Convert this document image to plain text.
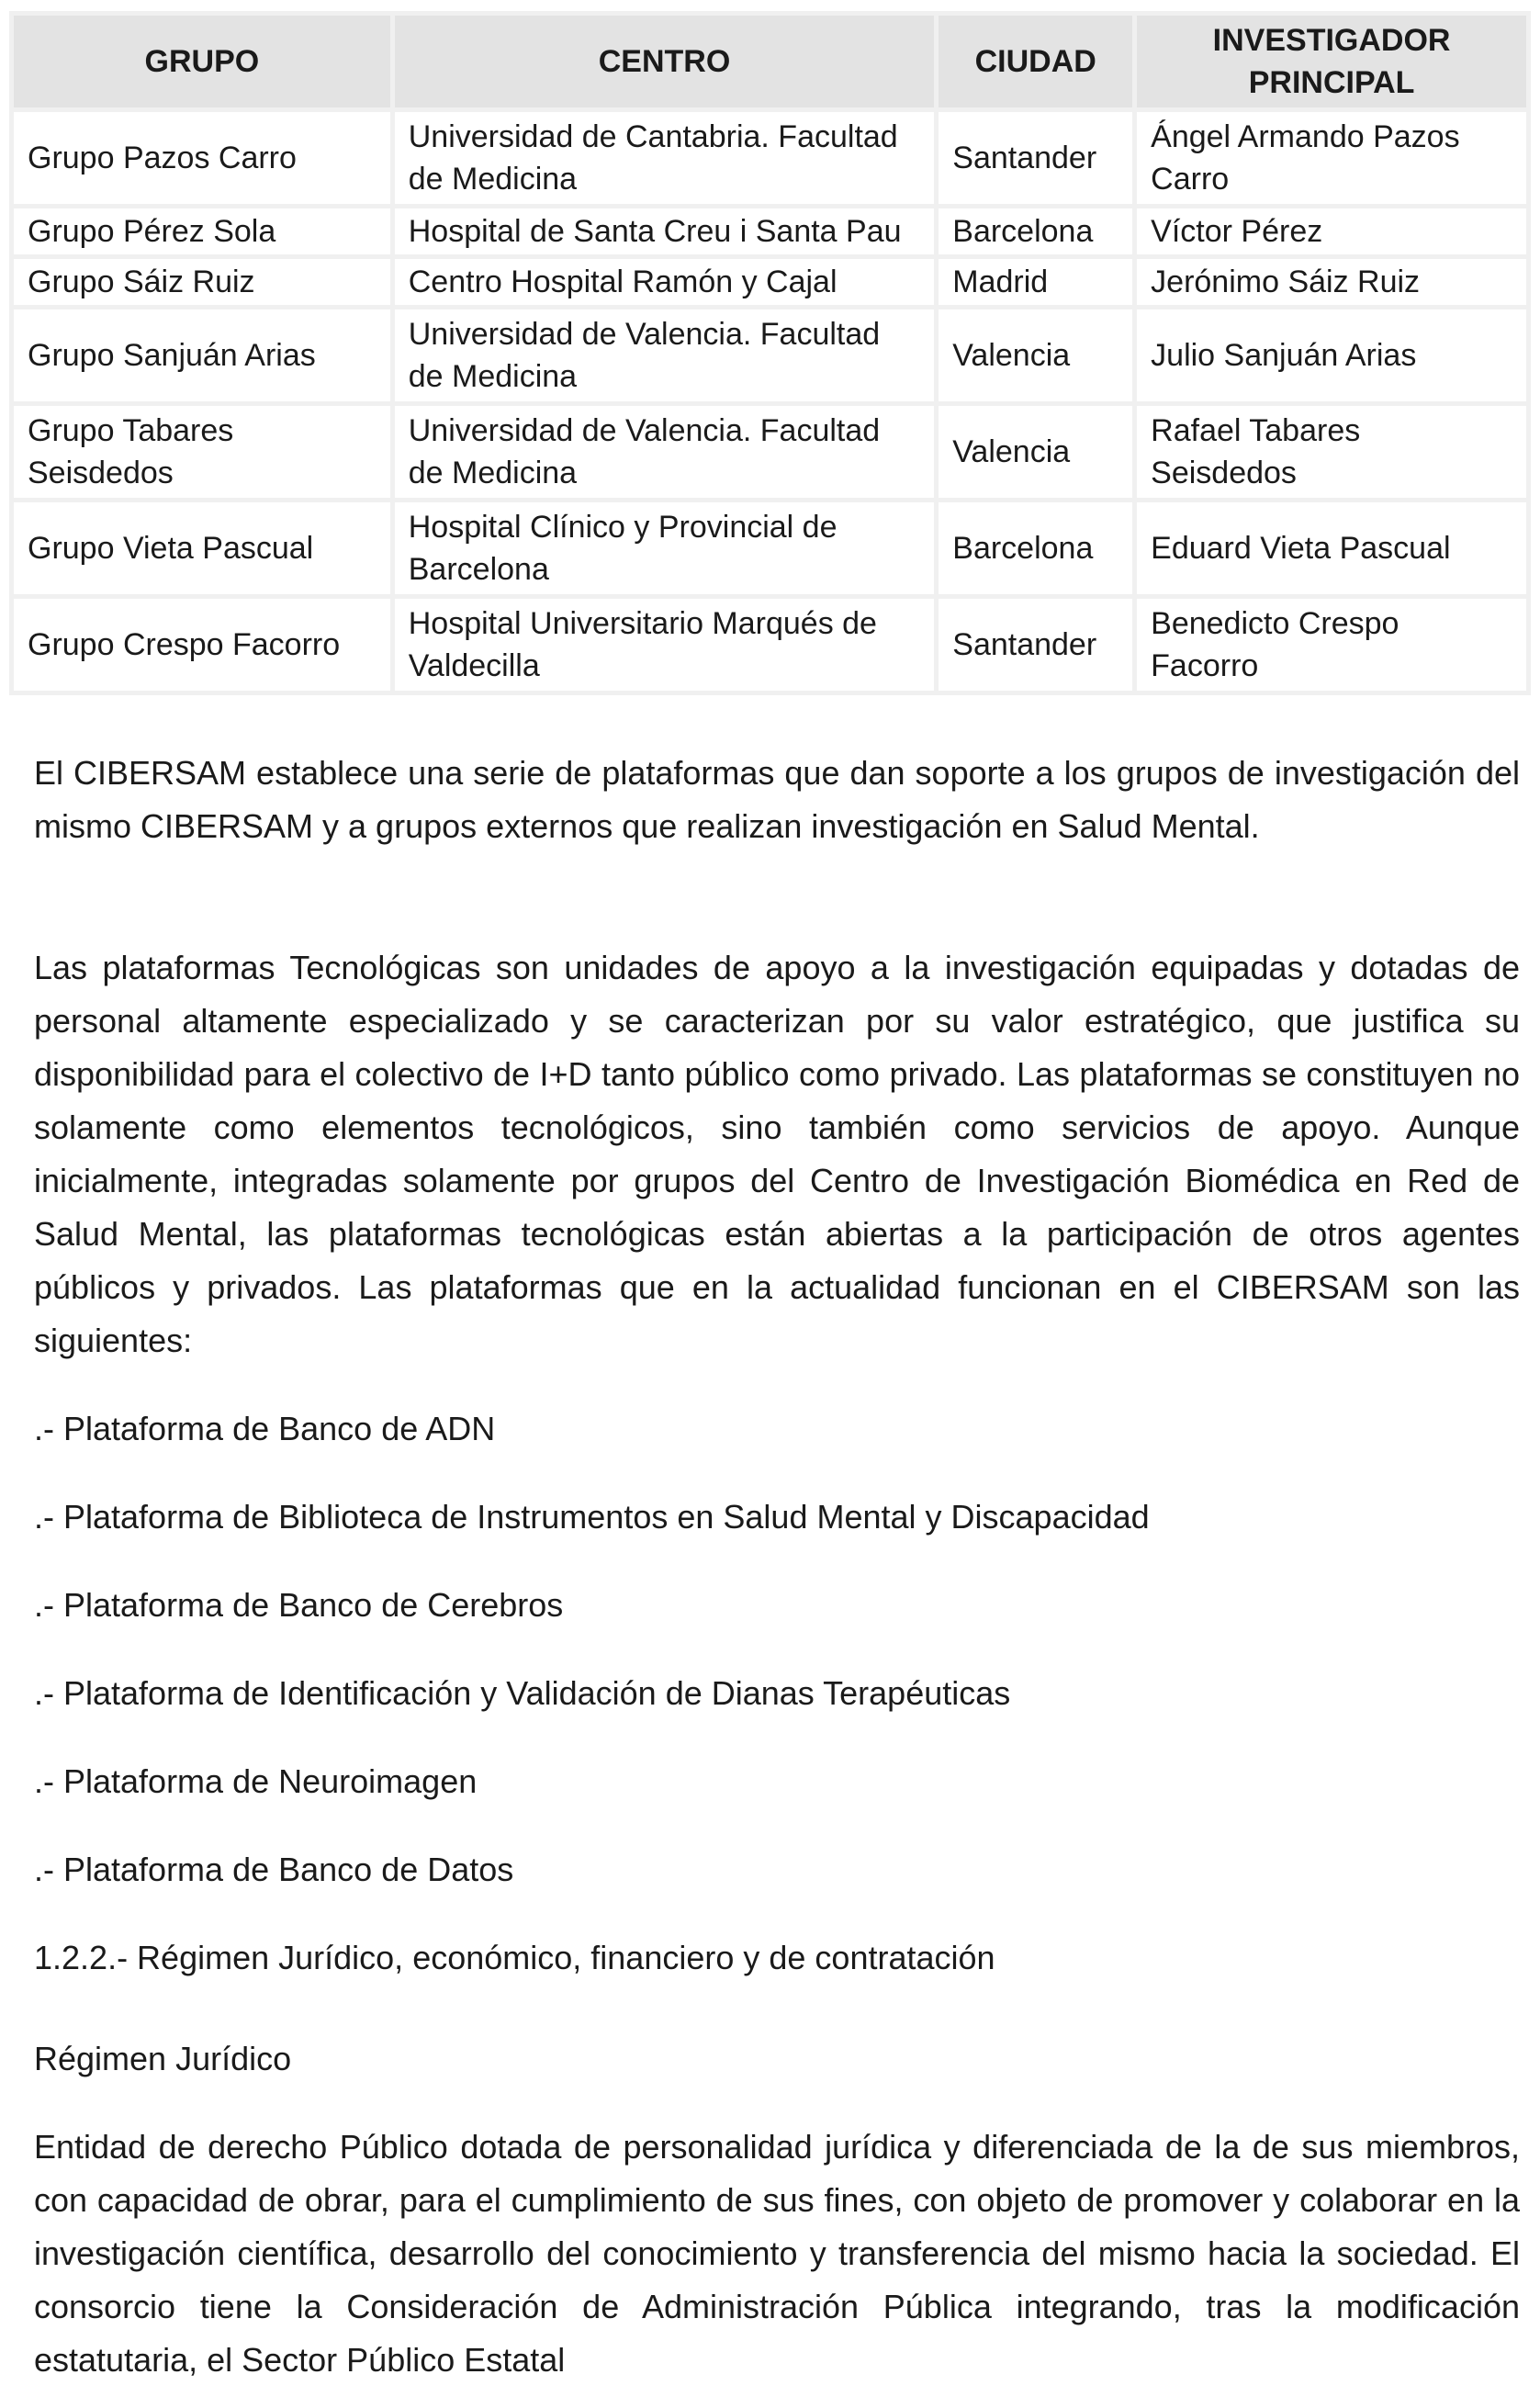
GRUPO	CENTRO	CIUDAD	INVESTIGADOR PRINCIPAL
Grupo Pazos Carro	Universidad de Cantabria. Facultad de Medicina	Santander	Ángel Armando Pazos Carro
Grupo Pérez Sola	Hospital de Santa Creu i Santa Pau	Barcelona	Víctor Pérez
Grupo Sáiz Ruiz	Centro Hospital Ramón y Cajal	Madrid	Jerónimo Sáiz Ruiz
Grupo Sanjuán Arias	Universidad de Valencia. Facultad de Medicina	Valencia	Julio Sanjuán Arias
Grupo Tabares Seisdedos	Universidad de Valencia. Facultad de Medicina	Valencia	Rafael Tabares Seisdedos
Grupo Vieta Pascual	Hospital Clínico y Provincial de Barcelona	Barcelona	Eduard Vieta Pascual
Grupo Crespo Facorro	Hospital Universitario Marqués de Valdecilla	Santander	Benedicto Crespo Facorro

El CIBERSAM establece una serie de plataformas que dan soporte a los grupos de investigación del mismo CIBERSAM y a grupos externos que realizan investigación en Salud Mental.

Las plataformas Tecnológicas son unidades de apoyo a la investigación equipadas y dotadas de personal altamente especializado y se caracterizan por su valor estratégico, que justifica su disponibilidad para el colectivo de I+D tanto público como privado. Las plataformas se constituyen no solamente como elementos tecnológicos, sino también como servicios de apoyo. Aunque inicialmente, integradas solamente por grupos del Centro de Investigación Biomédica en Red de Salud Mental, las plataformas tecnológicas están abiertas a la participación de otros agentes públicos y privados. Las plataformas que en la actualidad funcionan en el CIBERSAM son las siguientes:

.- Plataforma de Banco de ADN
.- Plataforma de Biblioteca de Instrumentos en Salud Mental y Discapacidad
.- Plataforma de Banco de Cerebros
.- Plataforma de Identificación y Validación de Dianas Terapéuticas
.- Plataforma de Neuroimagen
.- Plataforma de Banco de Datos

1.2.2.- Régimen Jurídico, económico, financiero y de contratación

Régimen Jurídico

Entidad de derecho Público dotada de personalidad jurídica y diferenciada de la de sus miembros, con capacidad de obrar, para el cumplimiento de sus fines, con objeto de promover y colaborar en la investigación científica, desarrollo del conocimiento y transferencia del mismo hacia la sociedad. El consorcio tiene la Consideración de Administración Pública integrando, tras la modificación estatutaria, el Sector Público Estatal
